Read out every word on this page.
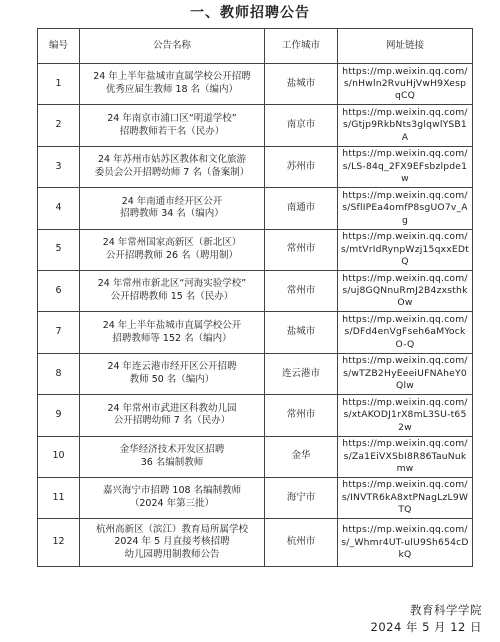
一、教师招聘公告
编号	公告名称	工作城市	网址链接
1	24 年上半年盐城市直属学校公开招聘
优秀应届生教师 18 名（编内）	盐城市	https://mp.weixin.qq.com/s/nHwln2RvuHjVwH9XespqCQ
2	24 年南京市浦口区“明道学校”
招聘教师若干名（民办）	南京市	https://mp.weixin.qq.com/s/Gtjp9RkbNts3glqwlYSB1A
3	24 年苏州市姑苏区教体和文化旅游
委员会公开招聘幼师 7 名（备案制）	苏州市	https://mp.weixin.qq.com/s/LS-84q_2FX9EFsbzlpde1w
4	24 年南通市经开区公开
招聘教师 34 名（编内）	南通市	https://mp.weixin.qq.com/s/SflIPEa4omfP8sgUO7v_Ag
5	24 年常州国家高新区（新北区）
公开招聘教师 26 名（聘用制）	常州市	https://mp.weixin.qq.com/s/mtVrIdRynpWzj15qxxEDtQ
6	24 年常州市新北区“河海实验学校”
公开招聘教师 15 名（民办）	常州市	https://mp.weixin.qq.com/s/uj8GQNnuRmJ2B4zxsthkOw
7	24 年上半年盐城市直属学校公开
招聘教师等 152 名（编内）	盐城市	https://mp.weixin.qq.com/s/DFd4enVgFseh6aMYockO-Q
8	24 年连云港市经开区公开招聘
教师 50 名（编内）	连云港市	https://mp.weixin.qq.com/s/wTZB2HyEeeiUFNAheY0Qlw
9	24 年常州市武进区科教幼儿园
公开招聘幼师 7 名（民办）	常州市	https://mp.weixin.qq.com/s/xtAKODJ1rX8mL3SU-t652w
10	金华经济技术开发区招聘
36 名编制教师	金华	https://mp.weixin.qq.com/s/Za1EiVXSbI8R86TauNukmw
11	嘉兴海宁市招聘 108 名编制教师
（2024 年第三批）	海宁市	https://mp.weixin.qq.com/s/INVTR6kA8xtPNagLzL9WTQ
12	杭州高新区（滨江）教育局所属学校
2024 年 5 月直接考核招聘
幼儿园聘用制教师公告	杭州市	https://mp.weixin.qq.com/s/_Whmr4UT-ulU9Sh654cDkQ
教育科学学院
2024 年 5 月 12 日
